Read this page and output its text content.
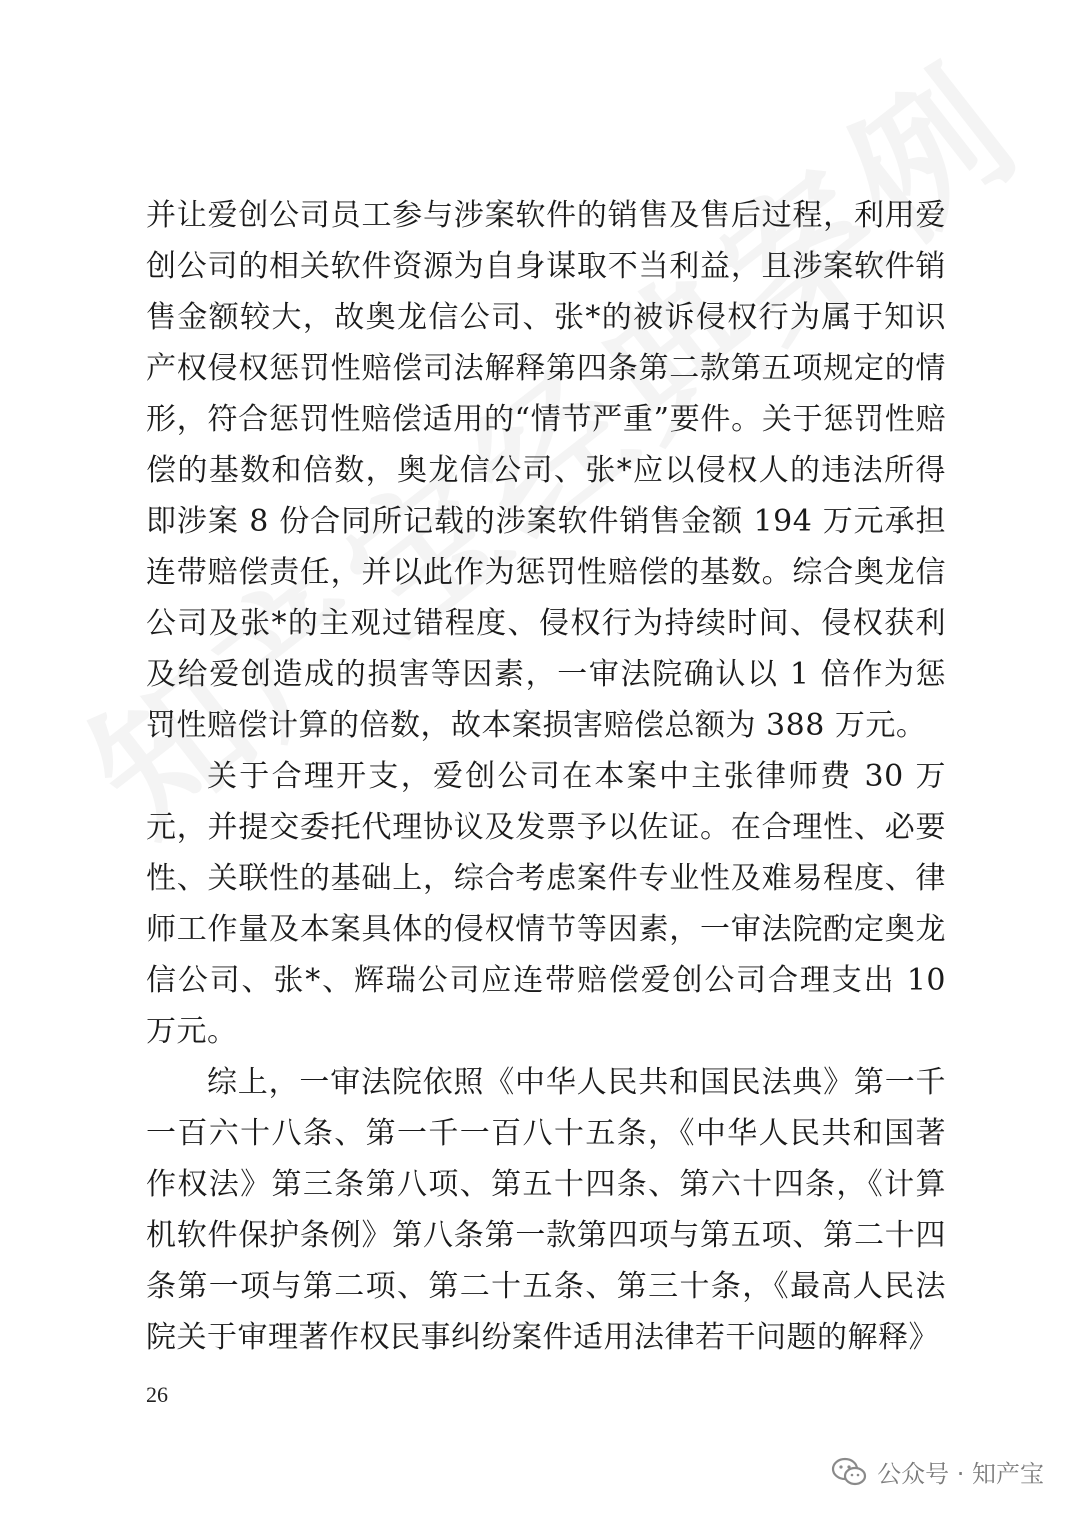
并让爱创公司员工参与涉案软件的销售及售后过程，利用爱创公司的相关软件资源为自身谋取不当利益，且涉案软件销售金额较大，故奥龙信公司、张*的被诉侵权行为属于知识产权侵权惩罚性赔偿司法解释第四条第二款第五项规定的情形，符合惩罚性赔偿适用的“情节严重”要件。关于惩罚性赔偿的基数和倍数，奥龙信公司、张*应以侵权人的违法所得即涉案 8 份合同所记载的涉案软件销售金额 194 万元承担连带赔偿责任，并以此作为惩罚性赔偿的基数。综合奥龙信公司及张*的主观过错程度、侵权行为持续时间、侵权获利及给爱创造成的损害等因素，一审法院确认以 1 倍作为惩罚性赔偿计算的倍数，故本案损害赔偿总额为 388 万元。

关于合理开支，爱创公司在本案中主张律师费 30 万元，并提交委托代理协议及发票予以佐证。在合理性、必要性、关联性的基础上，综合考虑案件专业性及难易程度、律师工作量及本案具体的侵权情节等因素，一审法院酌定奥龙信公司、张*、辉瑞公司应连带赔偿爱创公司合理支出 10 万元。

综上，一审法院依照《中华人民共和国民法典》第一千一百六十八条、第一千一百八十五条，《中华人民共和国著作权法》第三条第八项、第五十四条、第六十四条，《计算机软件保护条例》第八条第一款第四项与第五项、第二十四条第一项与第二项、第二十五条、第三十条，《最高人民法院关于审理著作权民事纠纷案件适用法律若干问题的解释》

26
公众号 · 知产宝
